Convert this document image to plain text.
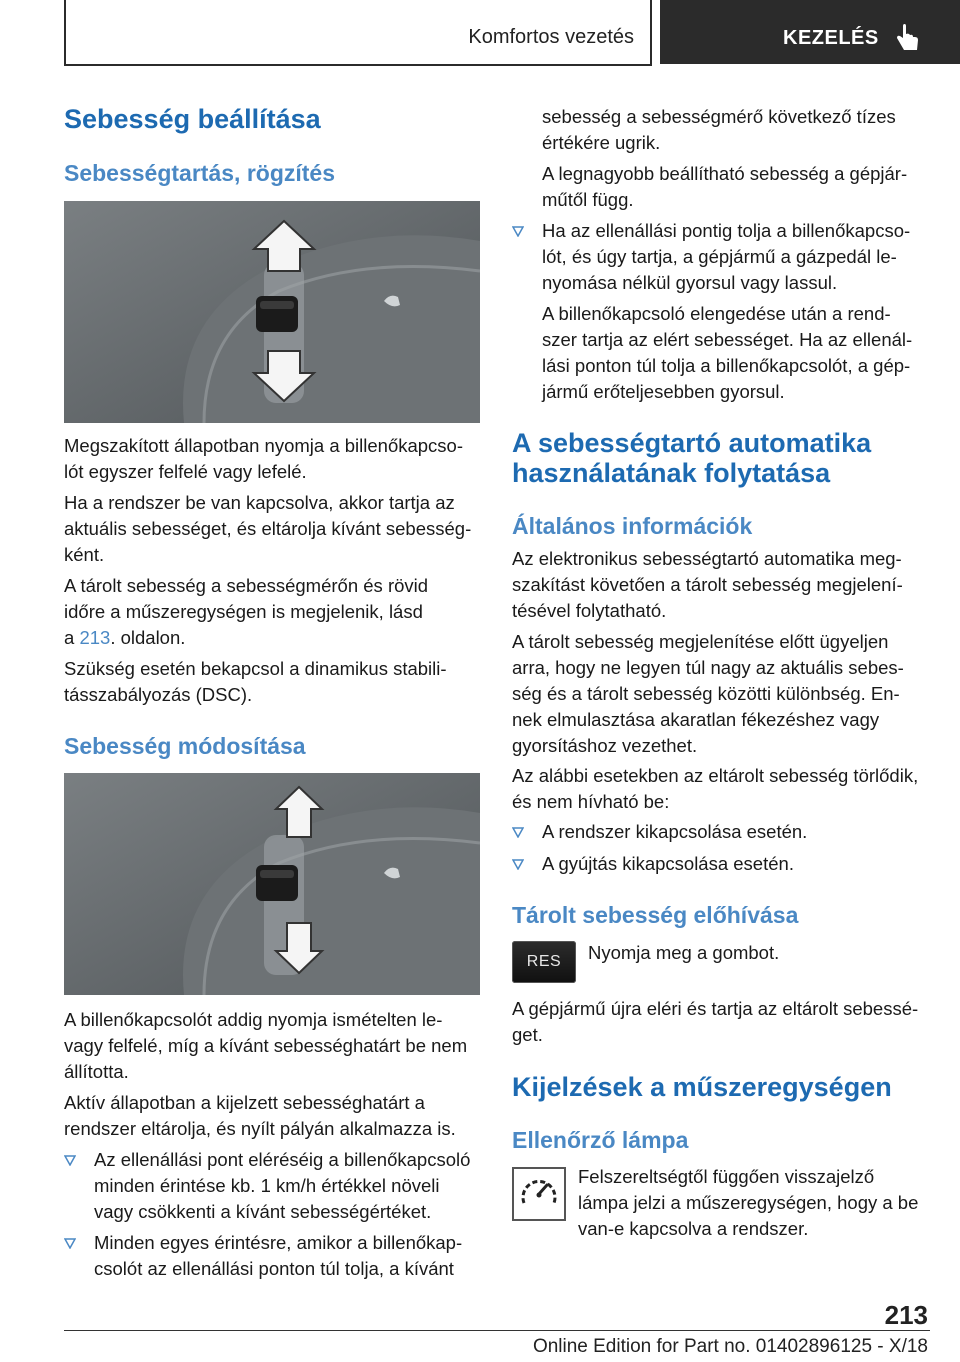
Komfortos vezetés	KEZELÉS
Sebesség beállítása
Sebességtartás, rögzítés
Megszakított állapotban nyomja a billenőkapcso-
lót egyszer felfelé vagy lefelé.
Ha a rendszer be van kapcsolva, akkor tartja az
aktuális sebességet, és eltárolja kívánt sebesség-
ként.
A tárolt sebesség a sebességmérőn és rövid
időre a műszeregységen is megjelenik, lásd
a 213. oldalon.
Szükség esetén bekapcsol a dinamikus stabili-
tásszabályozás (DSC).
Sebesség módosítása
A billenőkapcsolót addig nyomja ismételten le-
vagy felfelé, míg a kívánt sebességhatárt be nem
állította.
Aktív állapotban a kijelzett sebességhatárt a
rendszer eltárolja, és nyílt pályán alkalmazza is.
Az ellenállási pont eléréséig a billenőkapcsoló
minden érintése kb. 1 km/h értékkel növeli
vagy csökkenti a kívánt sebességértéket.
Minden egyes érintésre, amikor a billenőkap-
csolót az ellenállási ponton túl tolja, a kívánt
sebesség a sebességmérő következő tízes
értékére ugrik.
A legnagyobb beállítható sebesség a gépjár-
műtől függ.
Ha az ellenállási pontig tolja a billenőkapcso-
lót, és úgy tartja, a gépjármű a gázpedál le-
nyomása nélkül gyorsul vagy lassul.
A billenőkapcsoló elengedése után a rend-
szer tartja az elért sebességet. Ha az ellenál-
lási ponton túl tolja a billenőkapcsolót, a gép-
jármű erőteljesebben gyorsul.
A sebességtartó automatika
használatának folytatása
Általános információk
Az elektronikus sebességtartó automatika meg-
szakítást követően a tárolt sebesség megjelení-
tésével folytatható.
A tárolt sebesség megjelenítése előtt ügyeljen
arra, hogy ne legyen túl nagy az aktuális sebes-
ség és a tárolt sebesség közötti különbség. En-
nek elmulasztása akaratlan fékezéshez vagy
gyorsításhoz vezethet.
Az alábbi esetekben az eltárolt sebesség törlődik,
és nem hívható be:
A rendszer kikapcsolása esetén.
A gyújtás kikapcsolása esetén.
Tárolt sebesség előhívása
RES	Nyomja meg a gombot.
A gépjármű újra eléri és tartja az eltárolt sebessé-
get.
Kijelzések a műszeregységen
Ellenőrző lámpa
Felszereltségtől függően visszajelző
lámpa jelzi a műszeregységen, hogy a be
van-e kapcsolva a rendszer.
213
Online Edition for Part no. 01402896125 - X/18
